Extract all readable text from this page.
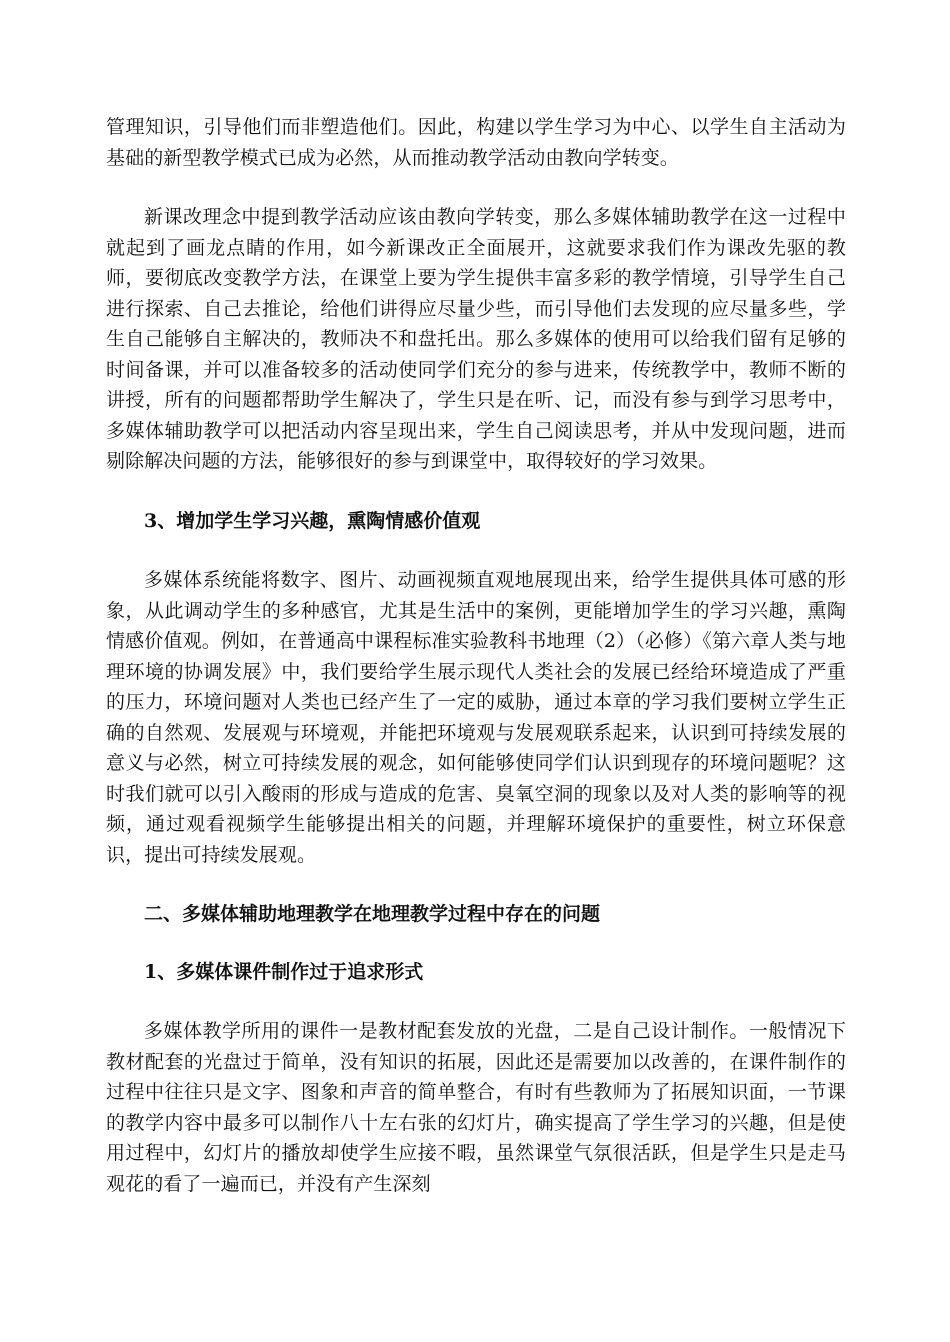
管理知识，引导他们而非塑造他们。因此，构建以学生学习为中心、以学生自主活动为基础的新型教学模式已成为必然，从而推动教学活动由教向学转变。

新课改理念中提到教学活动应该由教向学转变，那么多媒体辅助教学在这一过程中就起到了画龙点睛的作用，如今新课改正全面展开，这就要求我们作为课改先驱的教师，要彻底改变教学方法，在课堂上要为学生提供丰富多彩的教学情境，引导学生自己进行探索、自己去推论，给他们讲得应尽量少些，而引导他们去发现的应尽量多些，学生自己能够自主解决的，教师决不和盘托出。那么多媒体的使用可以给我们留有足够的时间备课，并可以准备较多的活动使同学们充分的参与进来，传统教学中，教师不断的讲授，所有的问题都帮助学生解决了，学生只是在听、记，而没有参与到学习思考中，多媒体辅助教学可以把活动内容呈现出来，学生自己阅读思考，并从中发现问题，进而剔除解决问题的方法，能够很好的参与到课堂中，取得较好的学习效果。

3、增加学生学习兴趣，熏陶情感价值观

多媒体系统能将数字、图片、动画视频直观地展现出来，给学生提供具体可感的形象，从此调动学生的多种感官，尤其是生活中的案例，更能增加学生的学习兴趣，熏陶情感价值观。例如，在普通高中课程标准实验教科书地理（2）（必修）《第六章人类与地理环境的协调发展》中，我们要给学生展示现代人类社会的发展已经给环境造成了严重的压力，环境问题对人类也已经产生了一定的威胁，通过本章的学习我们要树立学生正确的自然观、发展观与环境观，并能把环境观与发展观联系起来，认识到可持续发展的意义与必然，树立可持续发展的观念，如何能够使同学们认识到现存的环境问题呢？这时我们就可以引入酸雨的形成与造成的危害、臭氧空洞的现象以及对人类的影响等的视频，通过观看视频学生能够提出相关的问题，并理解环境保护的重要性，树立环保意识，提出可持续发展观。

二、多媒体辅助地理教学在地理教学过程中存在的问题

1、多媒体课件制作过于追求形式

多媒体教学所用的课件一是教材配套发放的光盘，二是自己设计制作。一般情况下教材配套的光盘过于简单，没有知识的拓展，因此还是需要加以改善的，在课件制作的过程中往往只是文字、图象和声音的简单整合，有时有些教师为了拓展知识面，一节课的教学内容中最多可以制作八十左右张的幻灯片，确实提高了学生学习的兴趣，但是使用过程中，幻灯片的播放却使学生应接不暇，虽然课堂气氛很活跃，但是学生只是走马观花的看了一遍而已，并没有产生深刻
